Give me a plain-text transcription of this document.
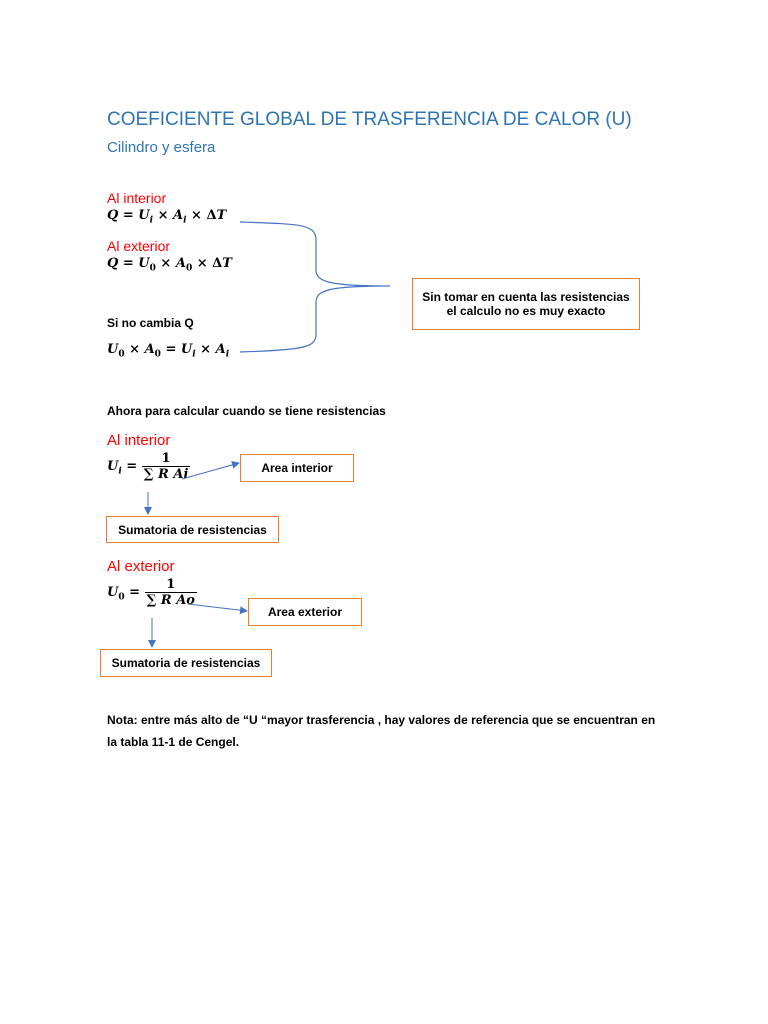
COEFICIENTE GLOBAL DE TRASFERENCIA DE CALOR (U)
Cilindro y esfera
Al interior
$Q = U_i \times A_i \times \Delta T$
Al exterior
$Q = U_0 \times A_0 \times \Delta T$
Si no cambia Q
$U_0 \times A_0 = U_i \times A_i$
Sin tomar en cuenta las resistencias
el calculo no es muy exacto
Ahora para calcular cuando se tiene resistencias
Al interior
$U_i = \frac{1}{\text{∑ R Ai}}$	Area interior
Sumatoria de resistencias
Al exterior
$U_0 = \frac{1}{\text{∑ R Ao}}$
Area exterior
Sumatoria de resistencias
Nota: entre más alto de “U “mayor trasferencia , hay valores de referencia que se encuentran en
la tabla 11-1 de Cengel.
